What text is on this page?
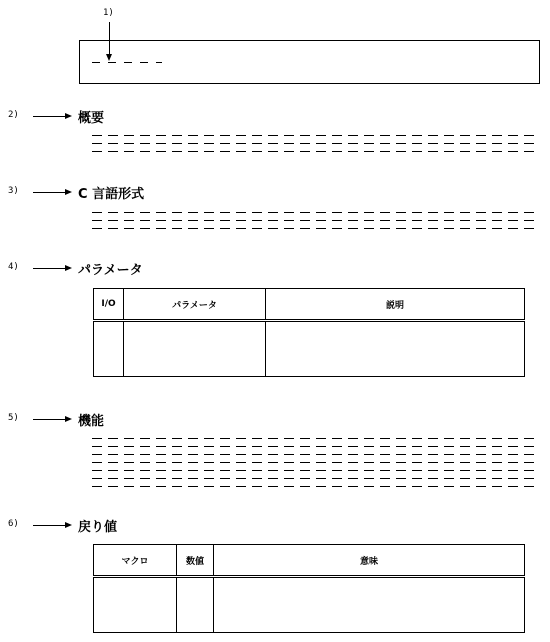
1)
2)	概要
3)	C 言語形式
4)	パラメータ
I/O	パラメータ	説明

5)	機能
6)	戻り値
マクロ	数値	意味
